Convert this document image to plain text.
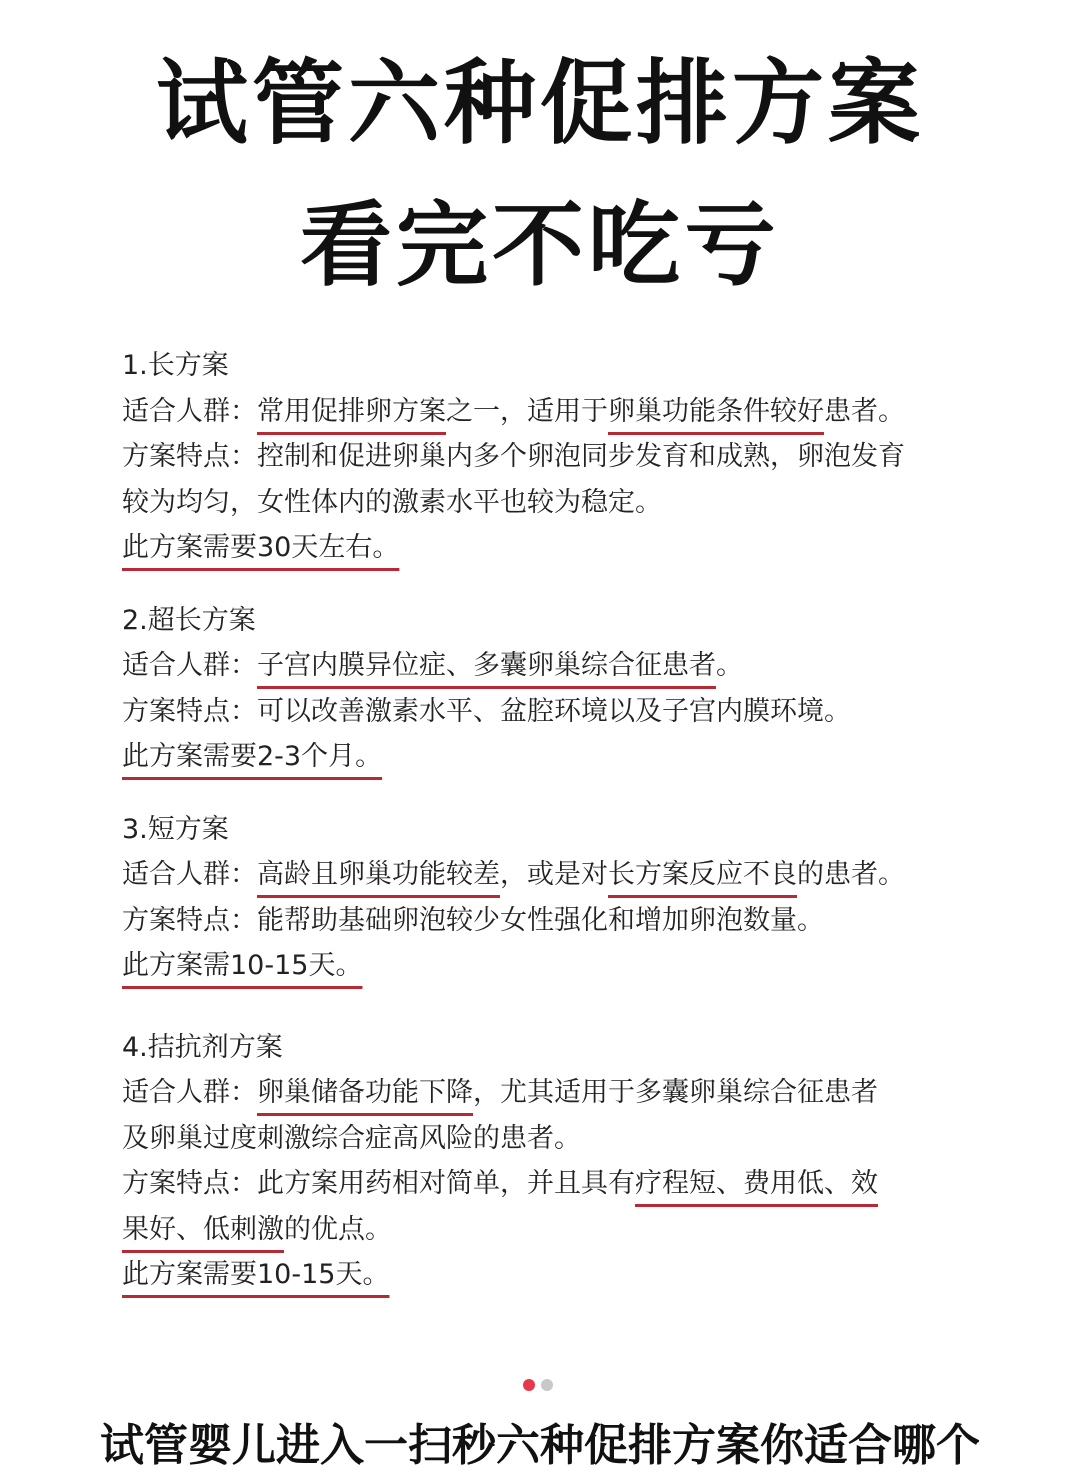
试管六种促排方案
看完不吃亏
1.长方案
适合人群：常用促排卵方案之一，适用于卵巢功能条件较好患者。
方案特点：控制和促进卵巢内多个卵泡同步发育和成熟，卵泡发育
较为均匀，女性体内的激素水平也较为稳定。
此方案需要30天左右。
2.超长方案
适合人群：子宫内膜异位症、多囊卵巢综合征患者。
方案特点：可以改善激素水平、盆腔环境以及子宫内膜环境。
此方案需要2-3个月。
3.短方案
适合人群：高龄且卵巢功能较差，或是对长方案反应不良的患者。
方案特点：能帮助基础卵泡较少女性强化和增加卵泡数量。
此方案需10-15天。
4.拮抗剂方案
适合人群：卵巢储备功能下降，尤其适用于多囊卵巢综合征患者
及卵巢过度刺激综合症高风险的患者。
方案特点：此方案用药相对简单，并且具有疗程短、费用低、效
果好、低刺激的优点。
此方案需要10-15天。
试管婴儿进入一扫秒六种促排方案你适合哪个
